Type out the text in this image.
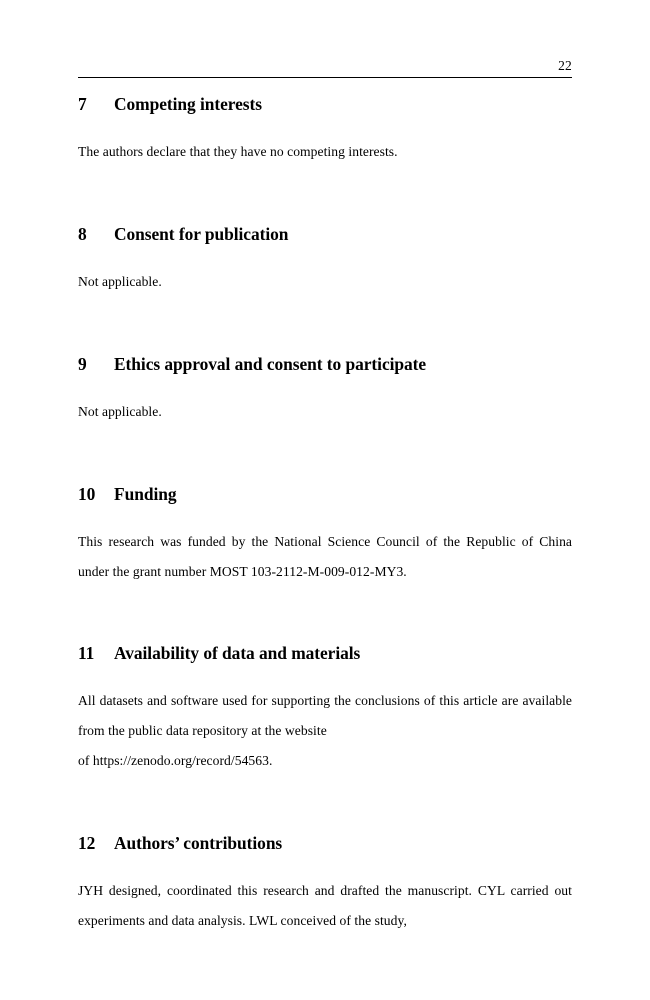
22
7	Competing interests

The authors declare that they have no competing interests.

8	Consent for publication

Not applicable.

9	Ethics approval and consent to participate

Not applicable.

10	Funding

This research was funded by the National Science Council of the Republic of China under the grant number MOST 103-2112-M-009-012-MY3.

11	Availability of data and materials

All datasets and software used for supporting the conclusions of this article are available from the public data repository at the website

of https://zenodo.org/record/54563.

12	Authors’ contributions

JYH designed, coordinated this research and drafted the manuscript. CYL carried out experiments and data analysis. LWL conceived of the study,
